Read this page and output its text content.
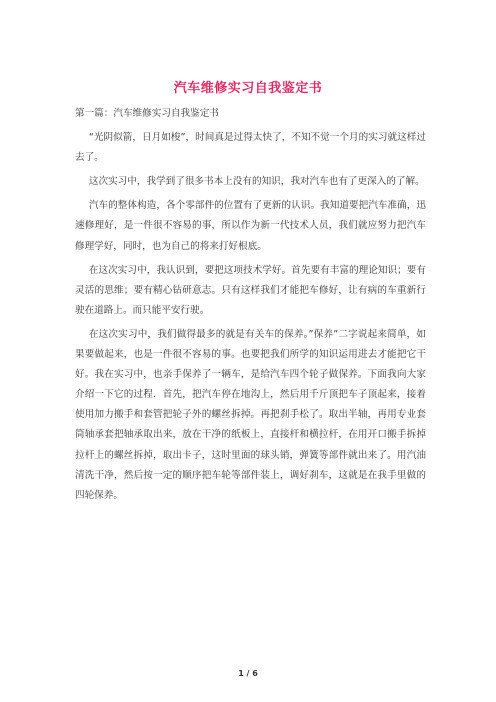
汽车维修实习自我鉴定书

第一篇：汽车维修实习自我鉴定书

“光阴似箭，日月如梭”，时间真是过得太快了，不知不觉一个月的实习就这样过去了。

这次实习中，我学到了很多书本上没有的知识，我对汽车也有了更深入的了解。

汽车的整体构造，各个零部件的位置有了更新的认识。我知道要把汽车准确，迅速修理好，是一件很不容易的事，所以作为新一代技术人员，我们就应努力把汽车修理学好，同时，也为自己的将来打好根底。

在这次实习中，我认识到，要把这项技术学好。首先要有丰富的理论知识；要有灵活的思维；要有精心钻研意志。只有这样我们才能把车修好，让有病的车重新行驶在道路上。而只能平安行驶。

在这次实习中，我们做得最多的就是有关车的保养。”保养”二字说起来简单，如果要做起来，也是一件很不容易的事。也要把我们所学的知识运用进去才能把它干好。我在实习中，也亲手保养了一辆车，是给汽车四个轮子做保养。下面我向大家介绍一下它的过程．首先，把汽车停在地沟上，然后用千斤顶把车子顶起来，接着使用加力搬手和套管把轮子外的螺丝拆掉。再把刹手松了。取出半轴，再用专业套筒轴承套把轴承取出来，放在干净的纸板上，直接杆和横拉杆，在用开口搬手拆掉拉杆上的螺丝拆掉，取出卡子，这时里面的球头销，弹簧等部件就出来了。用汽油清洗干净，然后按一定的顺序把车轮等部件装上，调好刹车，这就是在我手里做的四轮保养。

1 / 6
